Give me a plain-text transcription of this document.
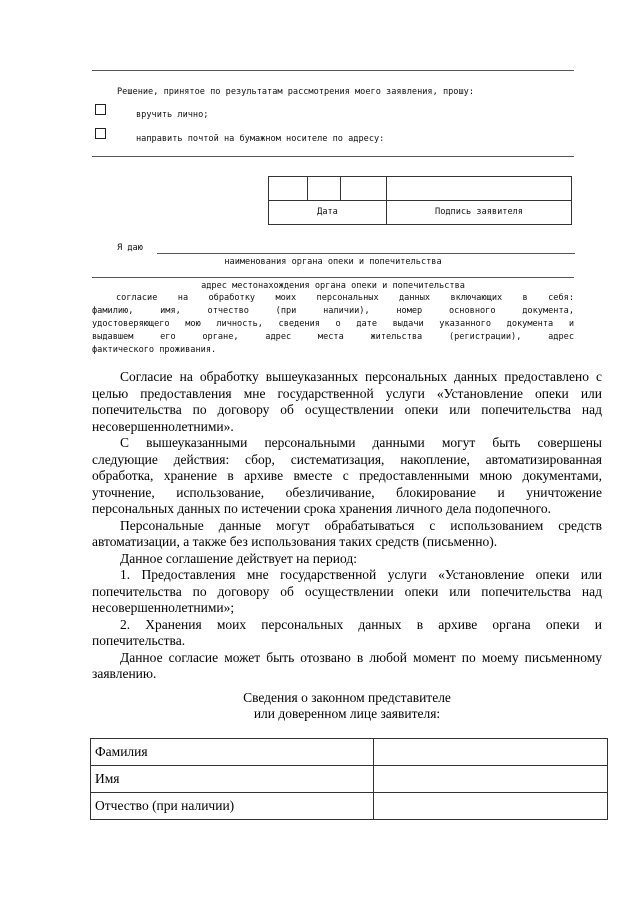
Решение, принятое по результатам рассмотрения моего заявления, прошу:
вручить лично;
направить почтой на бумажном носителе по адресу:

Дата			Подпись заявителя
Я даю
наименования органа опеки и попечительства
адрес местонахождения органа опеки и попечительства
согласие на обработку моих персональных данных включающих в себя:
фамилию, имя, отчество (при наличии), номер основного документа,
удостоверяющего мою личность, сведения о дате выдачи указанного документа и
выдавшем его органе, адрес места жительства (регистрации), адрес
фактического проживания.
Согласие на обработку вышеуказанных персональных данных предоставлено с
целью предоставления мне государственной услуги «Установление опеки или
попечительства по договору об осуществлении опеки или попечительства над
несовершеннолетними».
С вышеуказанными персональными данными могут быть совершены
следующие действия: сбор, систематизация, накопление, автоматизированная
обработка, хранение в архиве вместе с предоставленными мною документами,
уточнение, использование, обезличивание, блокирование и уничтожение
персональных данных по истечении срока хранения личного дела подопечного.
Персональные данные могут обрабатываться с использованием средств
автоматизации, а также без использования таких средств (письменно).
Данное соглашение действует на период:
1. Предоставления мне государственной услуги «Установление опеки или
попечительства по договору об осуществлении опеки или попечительства над
несовершеннолетними»;
2. Хранения моих персональных данных в архиве органа опеки и
попечительства.
Данное согласие может быть отозвано в любой момент по моему письменному
заявлению.
Сведения о законном представителе
или доверенном лице заявителя:
Фамилия	
Имя	
Отчество (при наличии)	
